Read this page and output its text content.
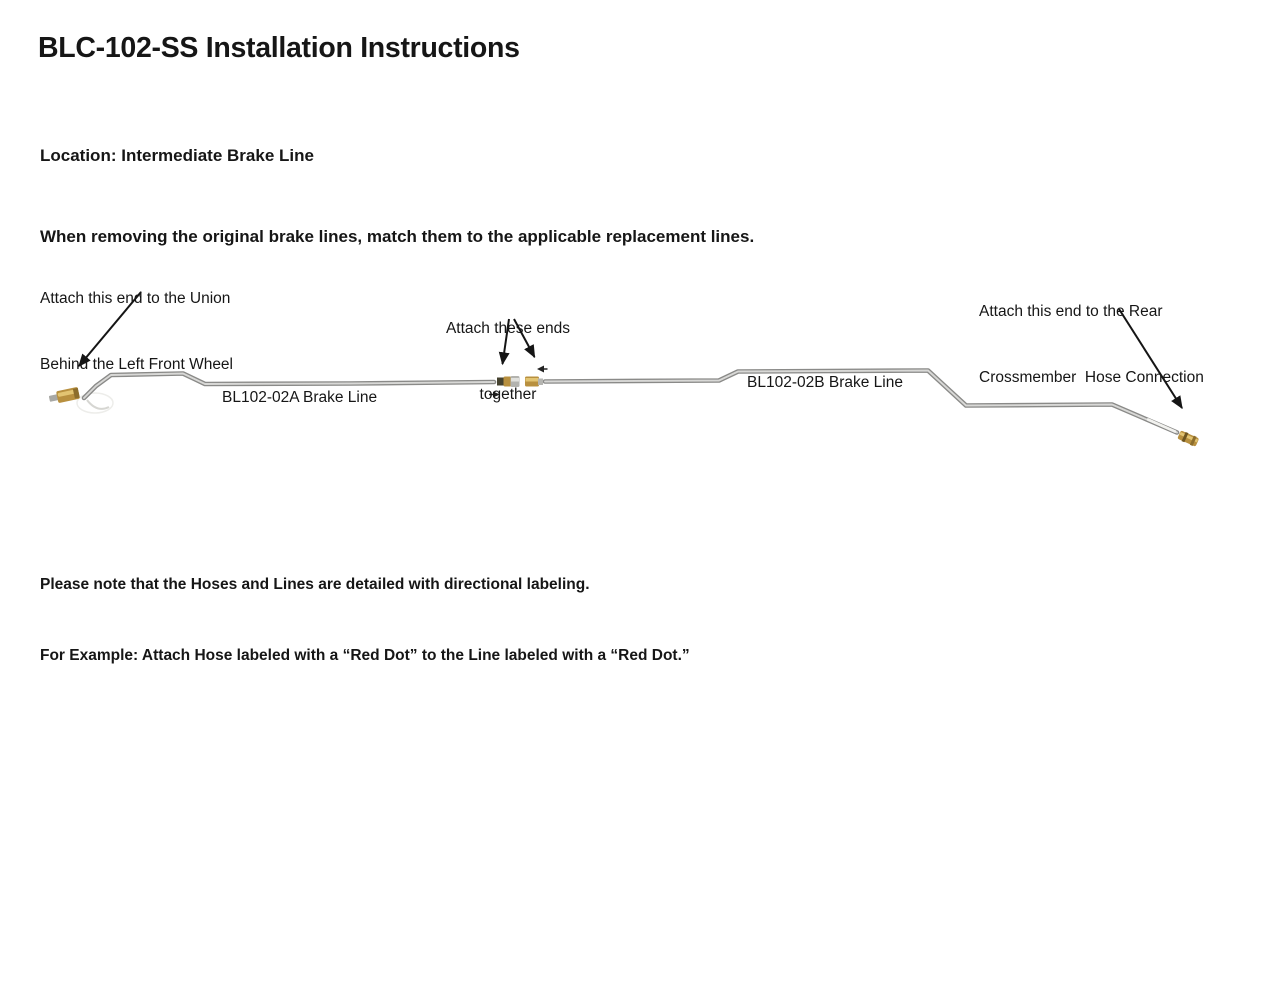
BLC-102-SS Installation Instructions

Location: Intermediate Brake Line

When removing the original brake lines, match them to the applicable replacement lines.

Attach this end to the Union

Behind the Left Front Wheel

Attach these ends

together

Attach this end to the Rear

Crossmember  Hose Connection

BL102-02A Brake Line
BL102-02B Brake Line

Please note that the Hoses and Lines are detailed with directional labeling.

For Example: Attach Hose labeled with a “Red Dot” to the Line labeled with a “Red Dot.”
